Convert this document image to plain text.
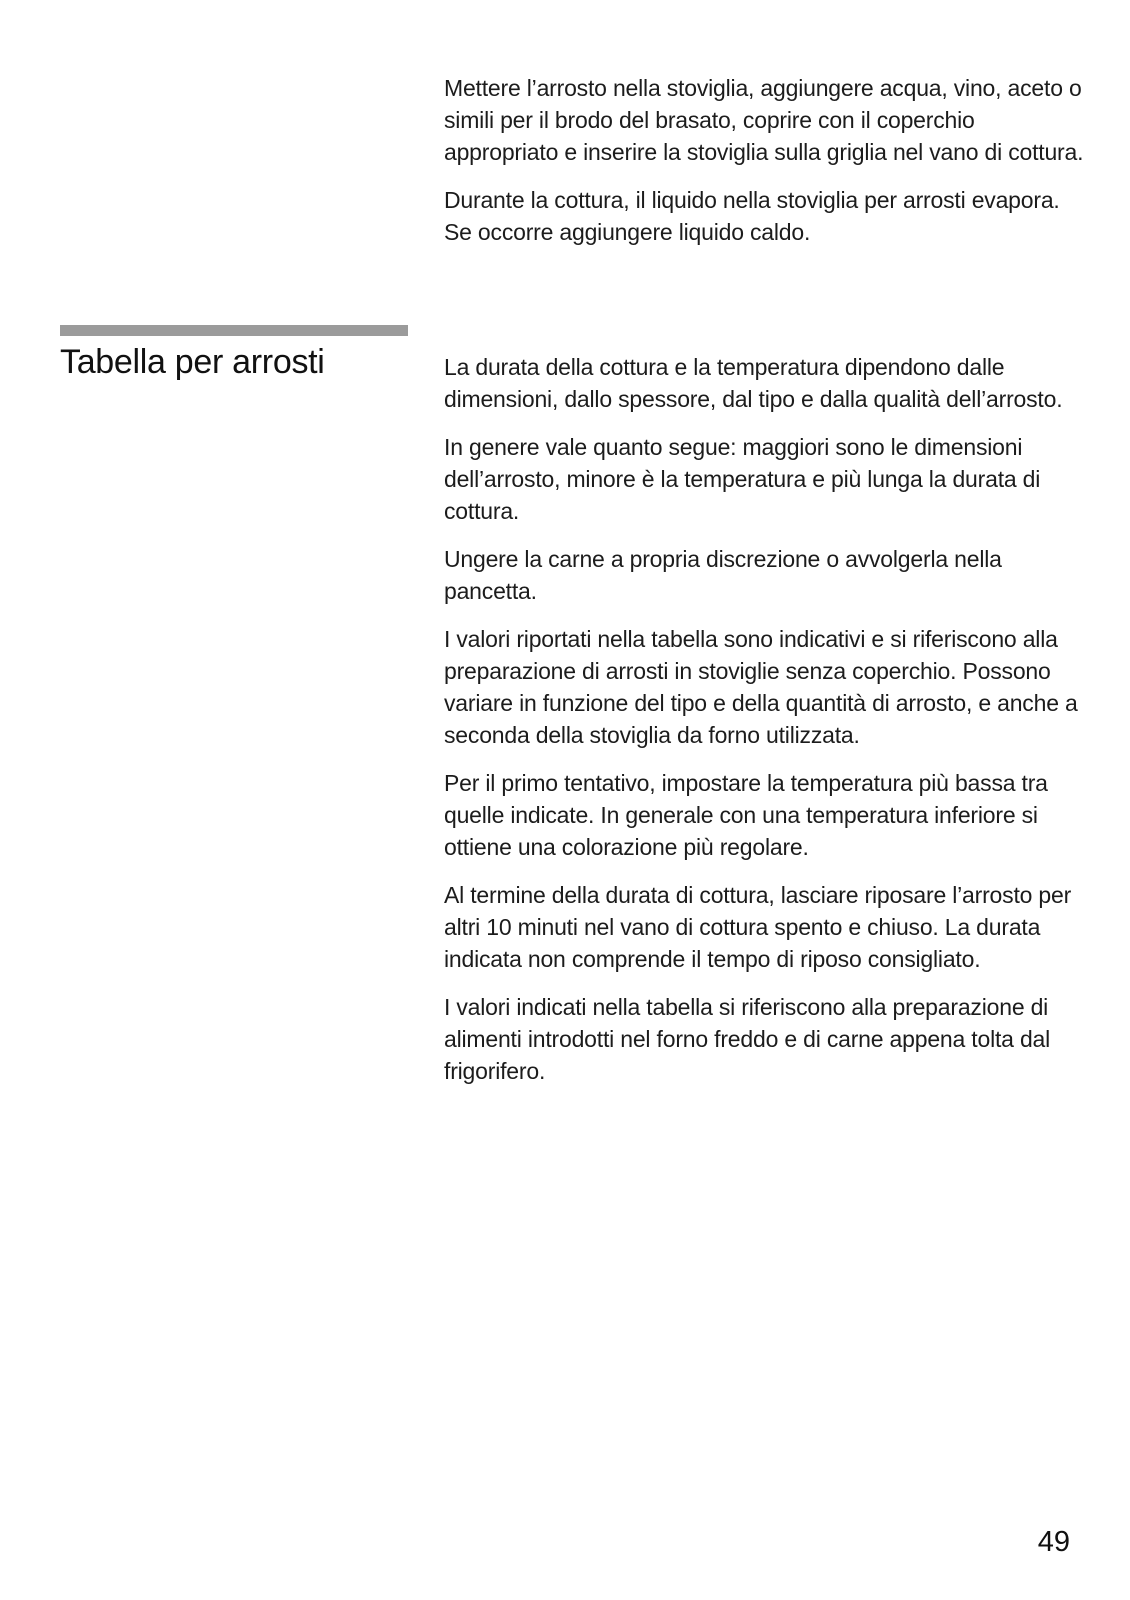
Mettere l’arrosto nella stoviglia, aggiungere acqua, vino, aceto o simili per il brodo del brasato, coprire con il coperchio appropriato e inserire la stoviglia sulla griglia nel vano di cottura.

Durante la cottura, il liquido nella stoviglia per arrosti evapora. Se occorre aggiungere liquido caldo.

Tabella per arrosti	La durata della cottura e la temperatura dipendono dalle dimensioni, dallo spessore, dal tipo e dalla qualità dell’arrosto.

In genere vale quanto segue: maggiori sono le dimensioni dell’arrosto, minore è la temperatura e più lunga la durata di cottura.

Ungere la carne a propria discrezione o avvolgerla nella pancetta.

I valori riportati nella tabella sono indicativi e si riferiscono alla preparazione di arrosti in stoviglie senza coperchio. Possono variare in funzione del tipo e della quantità di arrosto, e anche a seconda della stoviglia da forno utilizzata.

Per il primo tentativo, impostare la temperatura più bassa tra quelle indicate. In generale con una temperatura inferiore si ottiene una colorazione più regolare.

Al termine della durata di cottura, lasciare riposare l’arrosto per altri 10 minuti nel vano di cottura spento e chiuso. La durata indicata non comprende il tempo di riposo consigliato.

I valori indicati nella tabella si riferiscono alla preparazione di alimenti introdotti nel forno freddo e di carne appena tolta dal frigorifero.

49
